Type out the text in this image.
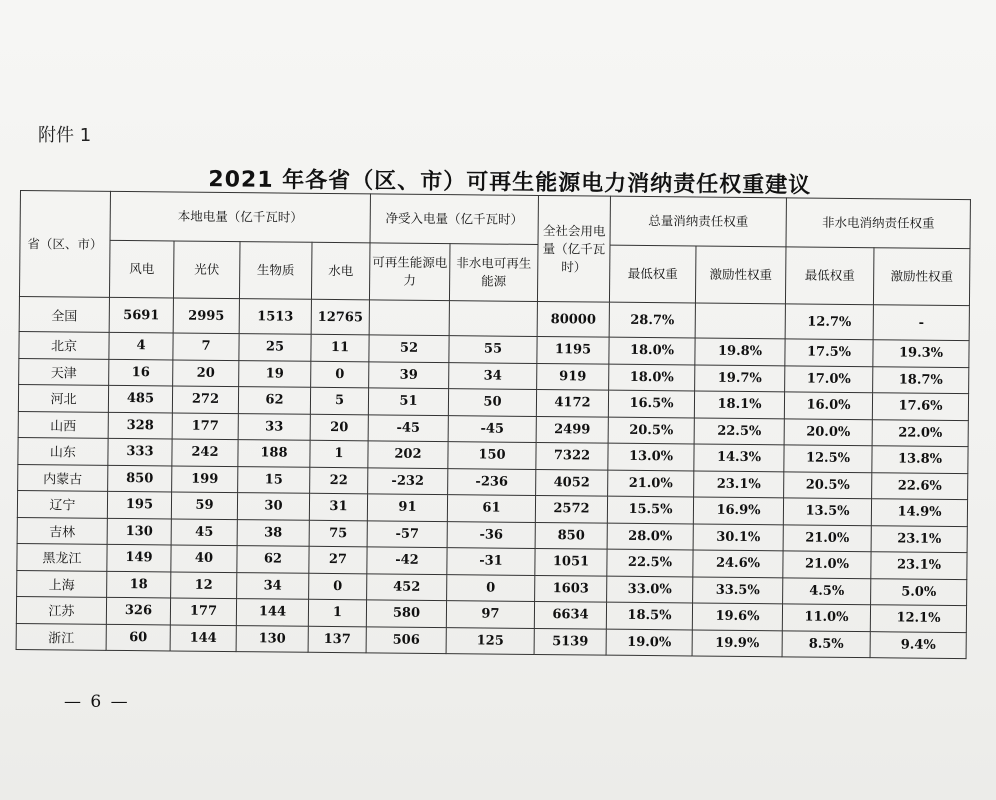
附件 1
2021 年各省（区、市）可再生能源电力消纳责任权重建议
省（区、市）	本地电量（亿千瓦时）				净受入电量（亿千瓦时）		全社会用电量（亿千瓦时）	总量消纳责任权重		非水电消纳责任权重	
	风电	光伏	生物质	水电	可再生能源电力	非水电可再生能源		最低权重	激励性权重	最低权重	激励性权重
全国	5691	2995	1513	12765			80000	28.7%		12.7%	-
北京	4	7	25	11	52	55	1195	18.0%	19.8%	17.5%	19.3%
天津	16	20	19	0	39	34	919	18.0%	19.7%	17.0%	18.7%
河北	485	272	62	5	51	50	4172	16.5%	18.1%	16.0%	17.6%
山西	328	177	33	20	-45	-45	2499	20.5%	22.5%	20.0%	22.0%
山东	333	242	188	1	202	150	7322	13.0%	14.3%	12.5%	13.8%
内蒙古	850	199	15	22	-232	-236	4052	21.0%	23.1%	20.5%	22.6%
辽宁	195	59	30	31	91	61	2572	15.5%	16.9%	13.5%	14.9%
吉林	130	45	38	75	-57	-36	850	28.0%	30.1%	21.0%	23.1%
黑龙江	149	40	62	27	-42	-31	1051	22.5%	24.6%	21.0%	23.1%
上海	18	12	34	0	452	0	1603	33.0%	33.5%	4.5%	5.0%
江苏	326	177	144	1	580	97	6634	18.5%	19.6%	11.0%	12.1%
浙江	60	144	130	137	506	125	5139	19.0%	19.9%	8.5%	9.4%
— 6 —
